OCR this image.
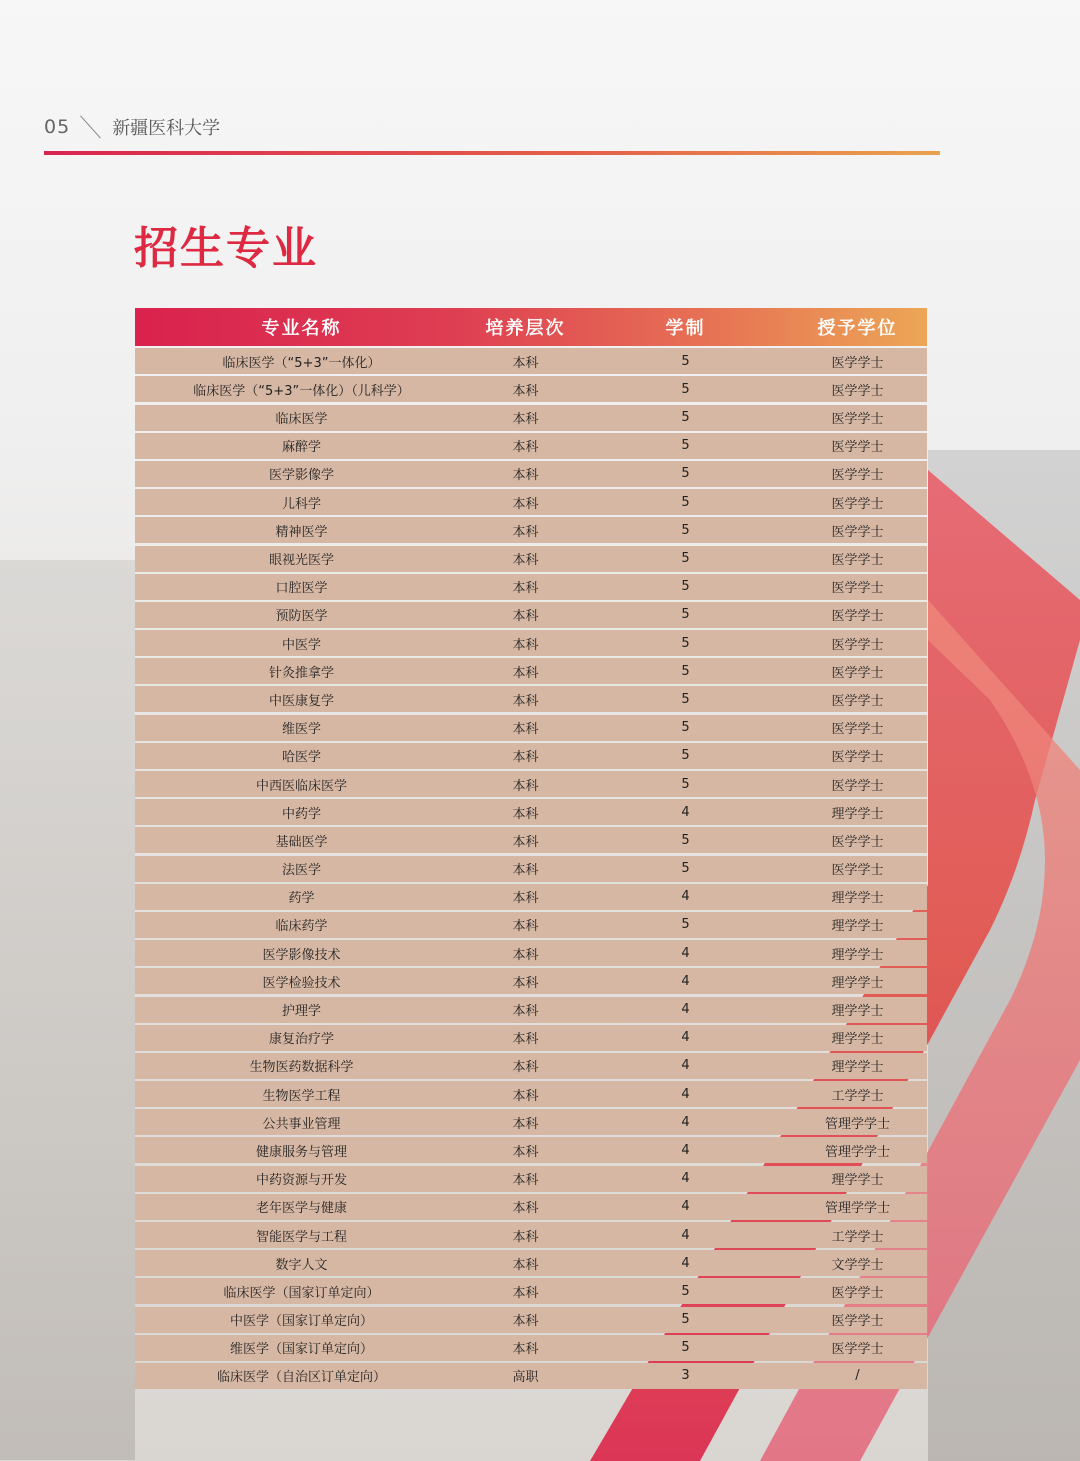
05 新疆医科大学
招生专业
专业名称	培养层次	学制	授予学位
临床医学（“5+3”一体化）	本科	5	医学学士
临床医学（“5+3”一体化）（儿科学）	本科	5	医学学士
临床医学	本科	5	医学学士
麻醉学	本科	5	医学学士
医学影像学	本科	5	医学学士
儿科学	本科	5	医学学士
精神医学	本科	5	医学学士
眼视光医学	本科	5	医学学士
口腔医学	本科	5	医学学士
预防医学	本科	5	医学学士
中医学	本科	5	医学学士
针灸推拿学	本科	5	医学学士
中医康复学	本科	5	医学学士
维医学	本科	5	医学学士
哈医学	本科	5	医学学士
中西医临床医学	本科	5	医学学士
中药学	本科	4	理学学士
基础医学	本科	5	医学学士
法医学	本科	5	医学学士
药学	本科	4	理学学士
临床药学	本科	5	理学学士
医学影像技术	本科	4	理学学士
医学检验技术	本科	4	理学学士
护理学	本科	4	理学学士
康复治疗学	本科	4	理学学士
生物医药数据科学	本科	4	理学学士
生物医学工程	本科	4	工学学士
公共事业管理	本科	4	管理学学士
健康服务与管理	本科	4	管理学学士
中药资源与开发	本科	4	理学学士
老年医学与健康	本科	4	管理学学士
智能医学与工程	本科	4	工学学士
数字人文	本科	4	文学学士
临床医学（国家订单定向）	本科	5	医学学士
中医学（国家订单定向）	本科	5	医学学士
维医学（国家订单定向）	本科	5	医学学士
临床医学（自治区订单定向）	高职	3	/
